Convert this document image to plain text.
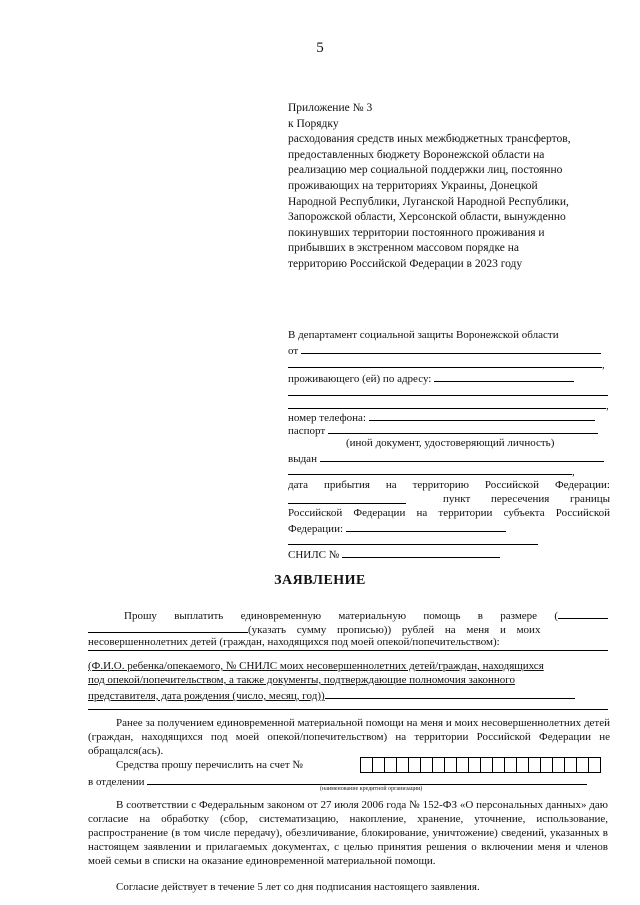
5
Приложение № 3
к Порядку
расходования средств иных межбюджетных трансфертов,
предоставленных бюджету Воронежской области на
реализацию мер социальной поддержки лиц, постоянно
проживающих на территориях Украины, Донецкой
Народной Республики, Луганской Народной Республики,
Запорожской области, Херсонской области, вынужденно
покинувших территории постоянного проживания и
прибывших в экстренном массовом порядке на
территорию Российской Федерации в 2023 году
В департамент социальной защиты Воронежской области
от
,
проживающего (ей) по адресу:
,
номер телефона:
паспорт
(иной документ, удостоверяющий личность)
выдан
,
дата прибытия на территорию Российской Федерации:
пункт пересечения границы
Российской Федерации на территории субъекта Российской
Федерации:
СНИЛС №
ЗАЯВЛЕНИЕ
Прошу выплатить единовременную материальную помощь в размере (
(указать сумму прописью)) рублей на меня и моих
несовершеннолетних детей (граждан, находящихся под моей опекой/попечительством):
(Ф.И.О. ребенка/опекаемого, № СНИЛС моих несовершеннолетних детей/граждан, находящихся
под опекой/попечительством, а также документы, подтверждающие полномочия законного
представителя, дата рождения (число, месяц, год))
Ранее за получением единовременной материальной помощи на меня и моих несовершеннолетних детей (граждан, находящихся под моей опекой/попечительством) на территории Российской Федерации не обращался(ась).
Средства прошу перечислить на счет №
в отделении
(наименование кредитной организации)
В соответствии с Федеральным законом от 27 июля 2006 года № 152-ФЗ «О персональных данных» даю согласие на обработку (сбор, систематизацию, накопление, хранение, уточнение, использование, распространение (в том числе передачу), обезличивание, блокирование, уничтожение) сведений, указанных в настоящем заявлении и прилагаемых документах, с целью принятия решения о включении меня и членов моей семьи в списки на оказание единовременной материальной помощи.
Согласие действует в течение 5 лет со дня подписания настоящего заявления.
